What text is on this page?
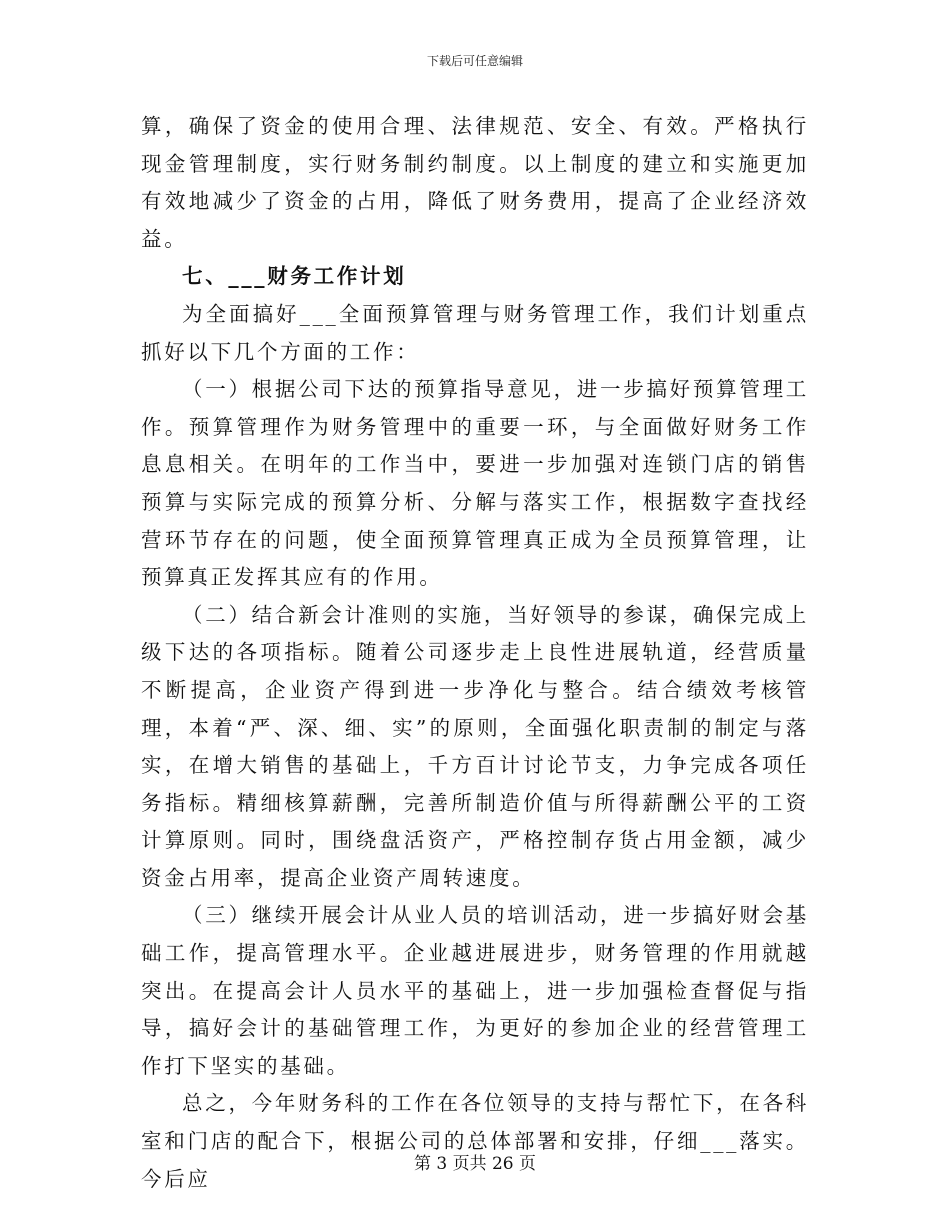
下载后可任意编辑

算，确保了资金的使用合理、法律规范、安全、有效。严格执行现金管理制度，实行财务制约制度。以上制度的建立和实施更加有效地减少了资金的占用，降低了财务费用，提高了企业经济效益。

七、___财务工作计划

为全面搞好___全面预算管理与财务管理工作，我们计划重点抓好以下几个方面的工作：

（一）根据公司下达的预算指导意见，进一步搞好预算管理工作。预算管理作为财务管理中的重要一环，与全面做好财务工作息息相关。在明年的工作当中，要进一步加强对连锁门店的销售预算与实际完成的预算分析、分解与落实工作，根据数字查找经营环节存在的问题，使全面预算管理真正成为全员预算管理，让预算真正发挥其应有的作用。

（二）结合新会计准则的实施，当好领导的参谋，确保完成上级下达的各项指标。随着公司逐步走上良性进展轨道，经营质量不断提高，企业资产得到进一步净化与整合。结合绩效考核管理，本着“严、深、细、实”的原则，全面强化职责制的制定与落实，在增大销售的基础上，千方百计讨论节支，力争完成各项任务指标。精细核算薪酬，完善所制造价值与所得薪酬公平的工资计算原则。同时，围绕盘活资产，严格控制存货占用金额，减少资金占用率，提高企业资产周转速度。

（三）继续开展会计从业人员的培训活动，进一步搞好财会基础工作，提高管理水平。企业越进展进步，财务管理的作用就越突出。在提高会计人员水平的基础上，进一步加强检查督促与指导，搞好会计的基础管理工作，为更好的参加企业的经营管理工作打下坚实的基础。

总之，今年财务科的工作在各位领导的支持与帮忙下，在各科室和门店的配合下，根据公司的总体部署和安排，仔细___落实。今后应

第 3 页共 26 页
